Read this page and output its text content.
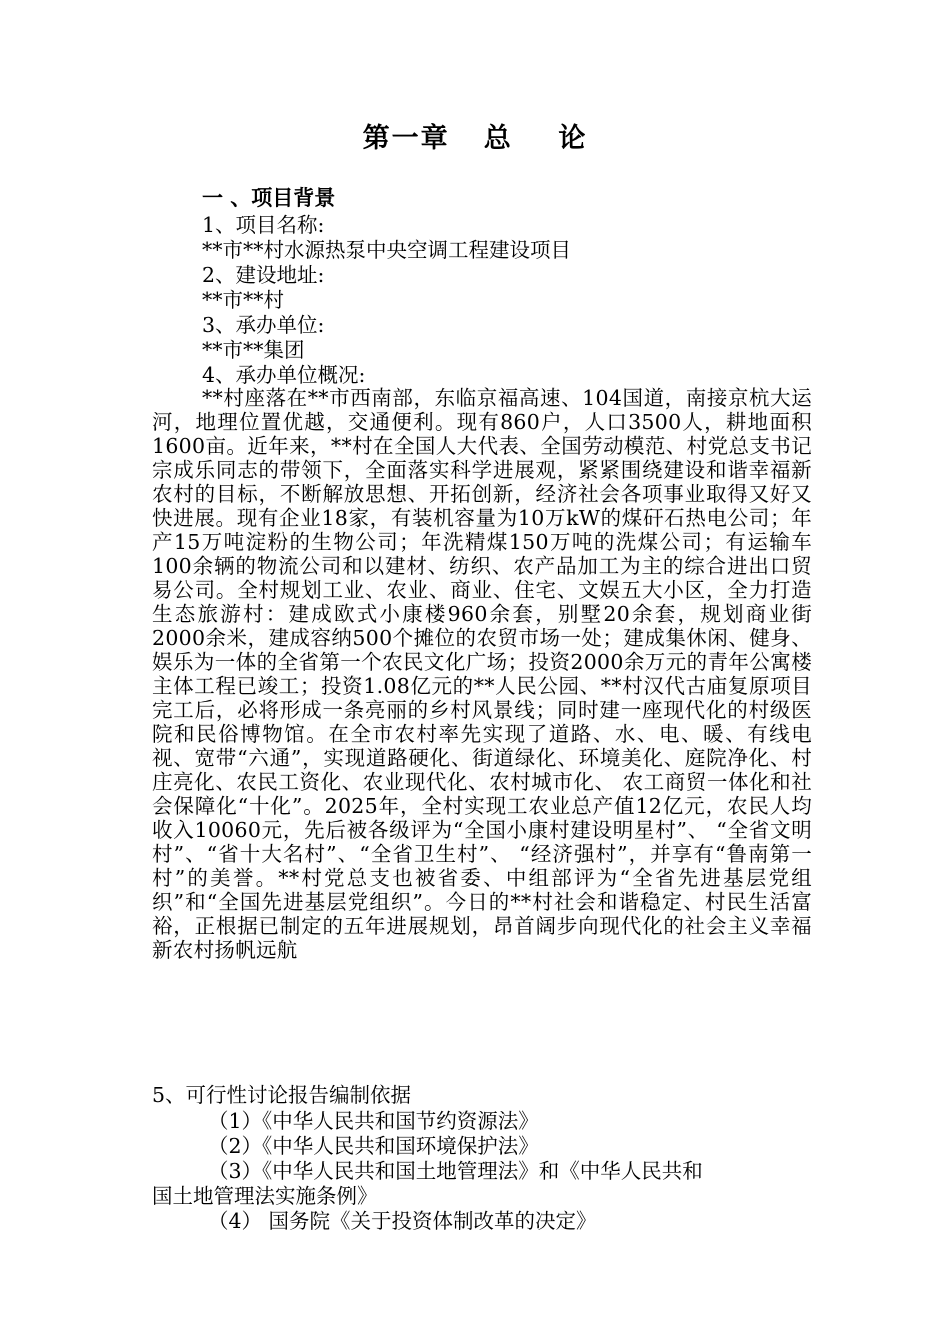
第一章   总    论
一 、项目背景
1、项目名称:
**市**村水源热泵中央空调工程建设项目
2、建设地址:
**市**村
3、承办单位:
**市**集团
4、承办单位概况:

**村座落在**市西南部，东临京福高速、104国道，南接京杭大运河，地理位置优越，交通便利。现有860户，人口3500人，耕地面积1600亩。近年来，**村在全国人大代表、全国劳动模范、村党总支书记宗成乐同志的带领下，全面落实科学进展观，紧紧围绕建设和谐幸福新农村的目标，不断解放思想、开拓创新，经济社会各项事业取得又好又快进展。现有企业18家，有装机容量为10万kW的煤矸石热电公司；年产15万吨淀粉的生物公司；年洗精煤150万吨的洗煤公司；有运输车100余辆的物流公司和以建材、纺织、农产品加工为主的综合进出口贸易公司。全村规划工业、农业、商业、住宅、文娱五大小区，全力打造生态旅游村：建成欧式小康楼960余套，别墅20余套，规划商业街2000余米，建成容纳500个摊位的农贸市场一处；建成集休闲、健身、娱乐为一体的全省第一个农民文化广场；投资2000余万元的青年公寓楼主体工程已竣工；投资1.08亿元的**人民公园、**村汉代古庙复原项目完工后，必将形成一条亮丽的乡村风景线；同时建一座现代化的村级医院和民俗博物馆。在全市农村率先实现了道路、水、电、暖、有线电视、宽带“六通”，实现道路硬化、街道绿化、环境美化、庭院净化、村庄亮化、农民工资化、农业现代化、农村城市化、 农工商贸一体化和社会保障化“十化”。2025年，全村实现工农业总产值12亿元，农民人均收入10060元，先后被各级评为“全国小康村建设明星村”、 “全省文明村”、“省十大名村”、“全省卫生村”、 “经济强村”，并享有“鲁南第一村”的美誉。**村党总支也被省委、中组部评为“全省先进基层党组织”和“全国先进基层党组织”。今日的**村社会和谐稳定、村民生活富裕，正根据已制定的五年进展规划，昂首阔步向现代化的社会主义幸福新农村扬帆远航

5、可行性讨论报告编制依据
（1）《中华人民共和国节约资源法》
（2）《中华人民共和国环境保护法》
（3）《中华人民共和国土地管理法》和《中华人民共和
国土地管理法实施条例》
（4） 国务院《关于投资体制改革的决定》
